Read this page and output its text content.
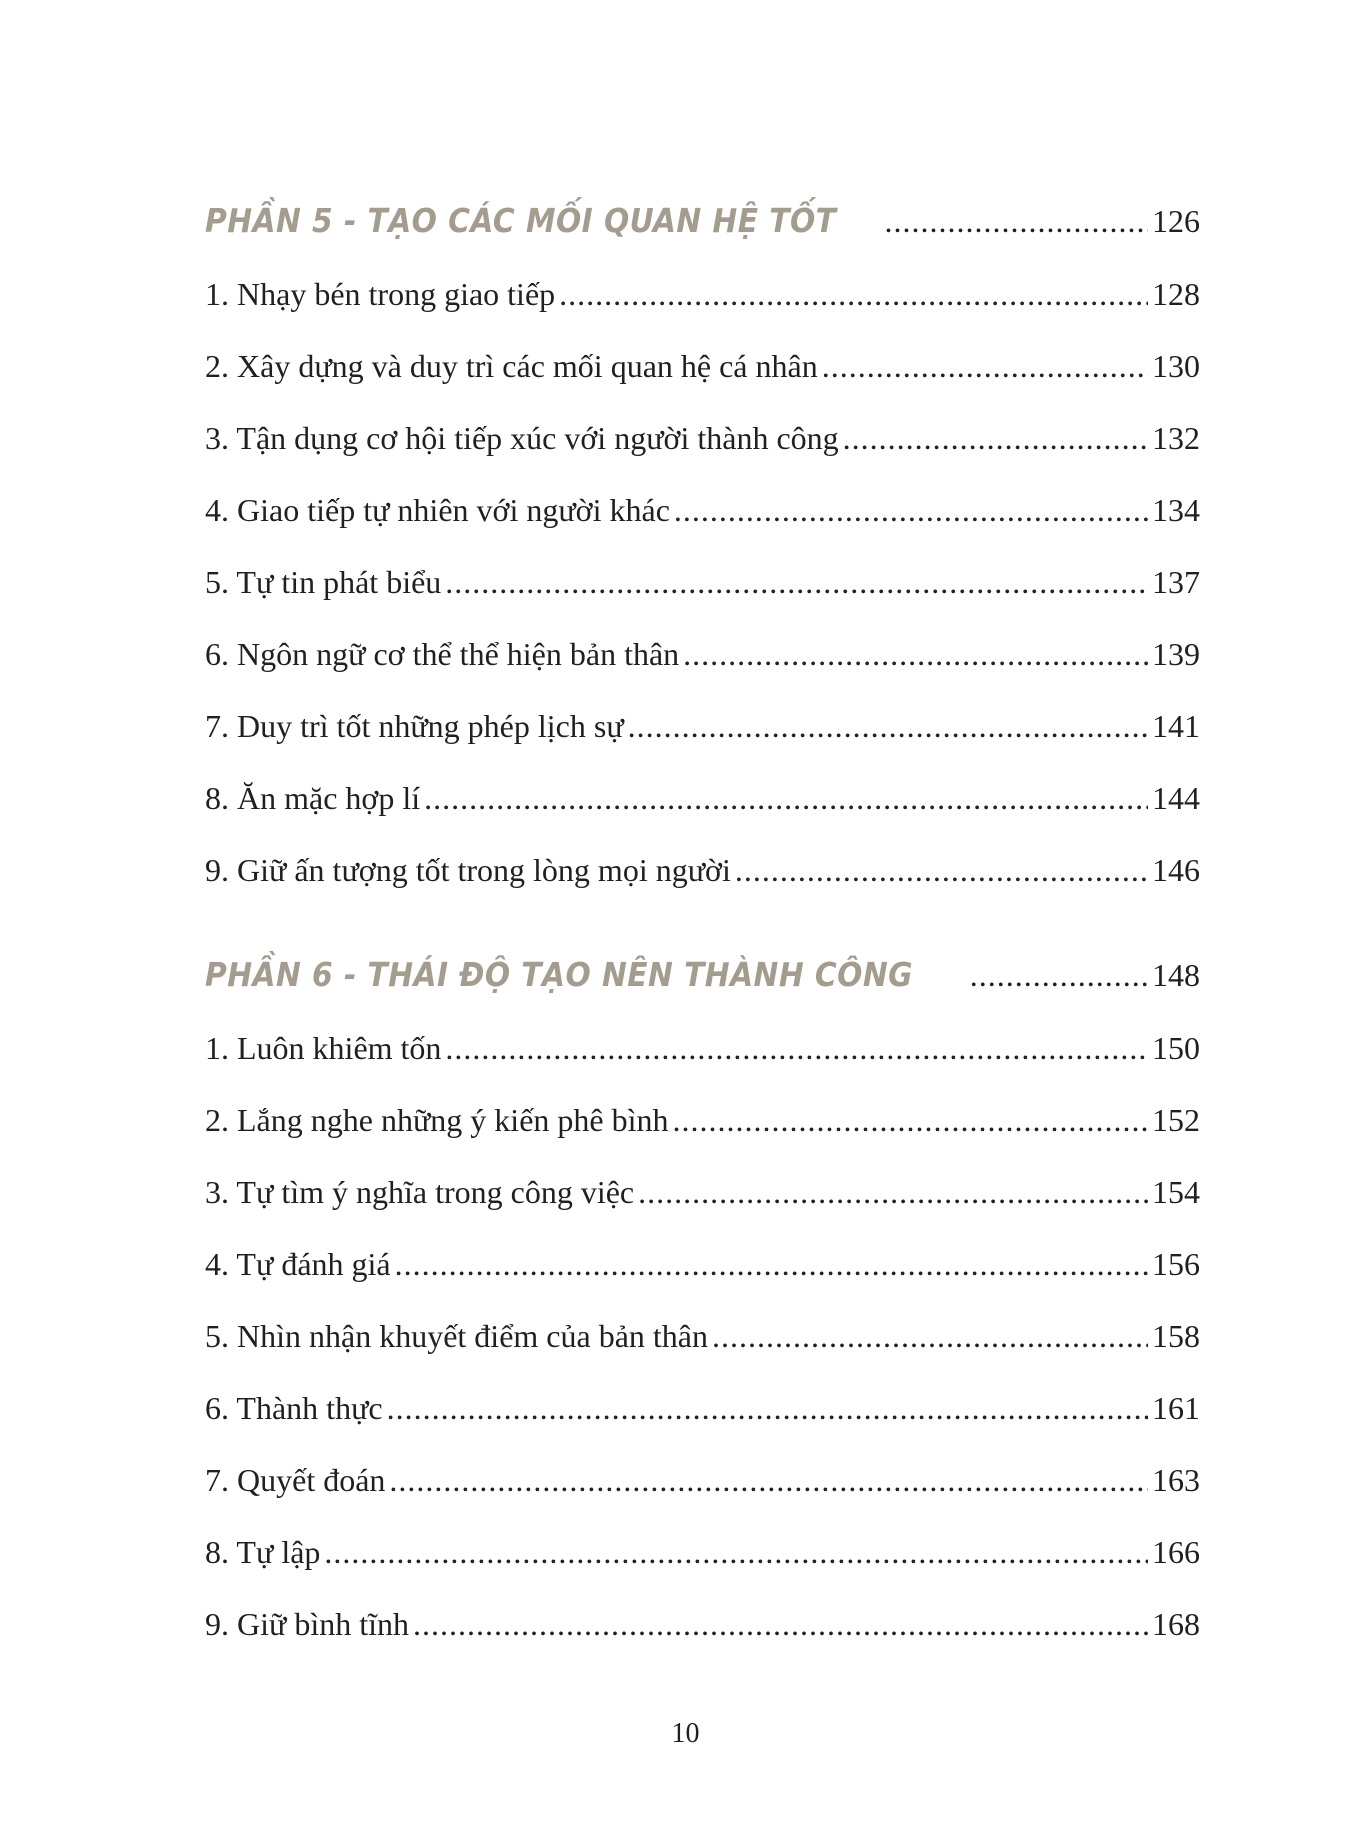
PHẦN 5 - TẠO CÁC MỐI QUAN HỆ TỐT .....	126
1. Nhạy bén trong giao tiếp .....	128
2. Xây dựng và duy trì các mối quan hệ cá nhân .....	130
3. Tận dụng cơ hội tiếp xúc với người thành công .....	132
4. Giao tiếp tự nhiên với người khác .....	134
5. Tự tin phát biểu .....	137
6. Ngôn ngữ cơ thể thể hiện bản thân .....	139
7. Duy trì tốt những phép lịch sự .....	141
8. Ăn mặc hợp lí .....	144
9. Giữ ấn tượng tốt trong lòng mọi người .....	146
PHẦN 6 - THÁI ĐỘ TẠO NÊN THÀNH CÔNG .....	148
1. Luôn khiêm tốn .....	150
2. Lắng nghe những ý kiến phê bình .....	152
3. Tự tìm ý nghĩa trong công việc .....	154
4. Tự đánh giá .....	156
5. Nhìn nhận khuyết điểm của bản thân .....	158
6. Thành thực .....	161
7. Quyết đoán .....	163
8. Tự lập .....	166
9. Giữ bình tĩnh .....	168
10
